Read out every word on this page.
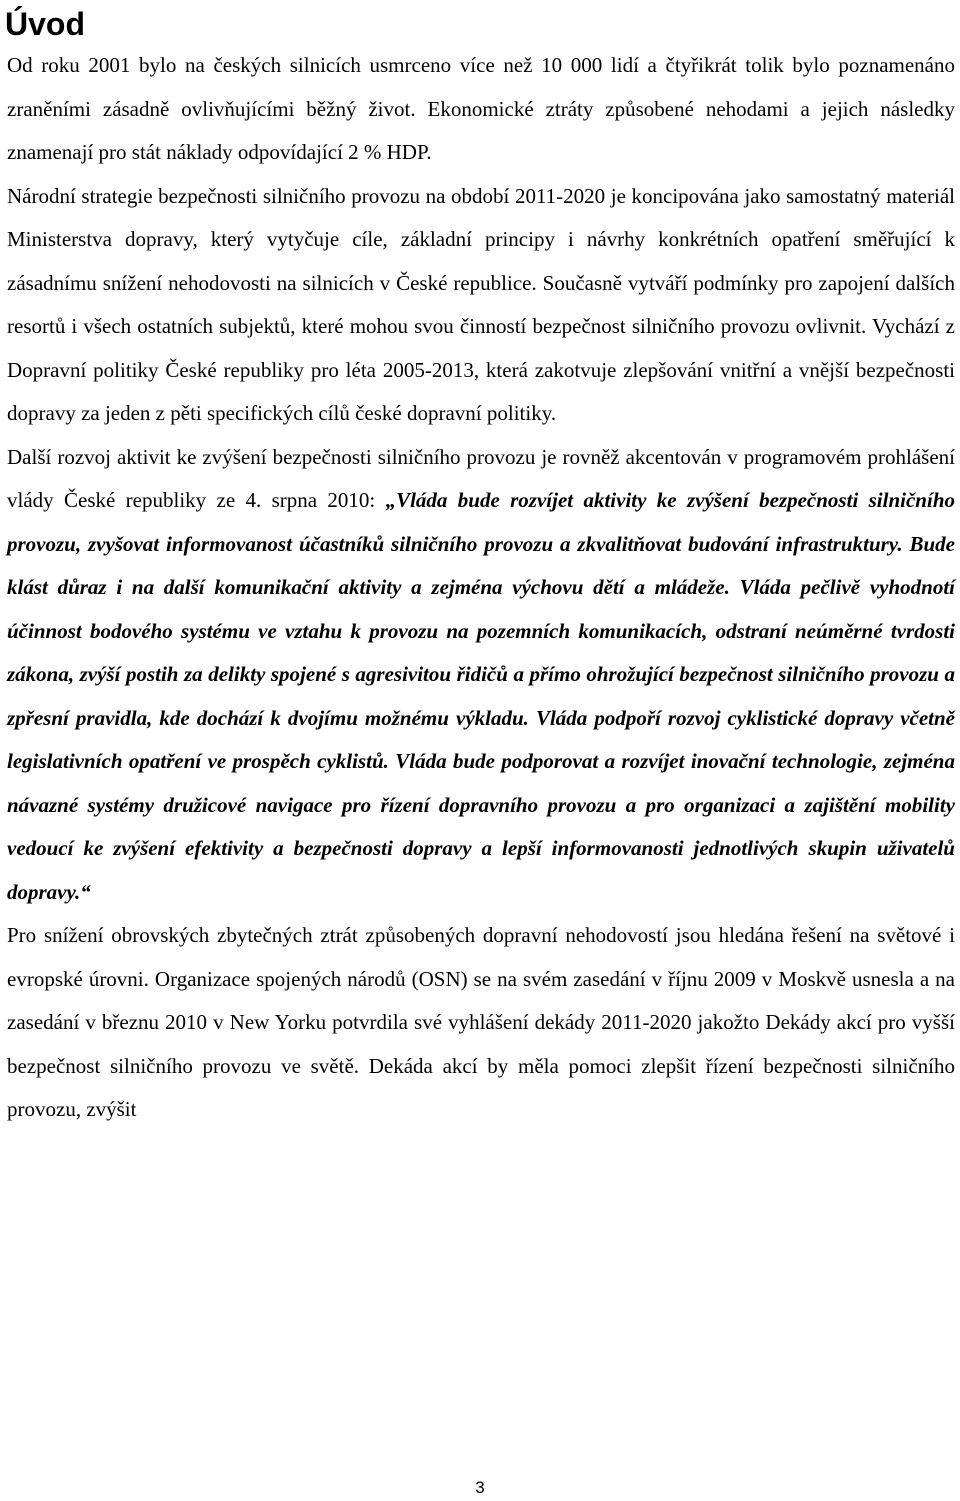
Úvod

Od roku 2001 bylo na českých silnicích usmrceno více než 10 000 lidí a čtyřikrát tolik bylo poznamenáno zraněními zásadně ovlivňujícími běžný život. Ekonomické ztráty způsobené nehodami a jejich následky znamenají pro stát náklady odpovídající 2 % HDP.

Národní strategie bezpečnosti silničního provozu na období 2011-2020 je koncipována jako samostatný materiál Ministerstva dopravy, který vytyčuje cíle, základní principy i návrhy konkrétních opatření směřující k zásadnímu snížení nehodovosti na silnicích v České republice. Současně vytváří podmínky pro zapojení dalších resortů i všech ostatních subjektů, které mohou svou činností bezpečnost silničního provozu ovlivnit. Vychází z Dopravní politiky České republiky pro léta 2005-2013, která zakotvuje zlepšování vnitřní a vnější bezpečnosti dopravy za jeden z pěti specifických cílů české dopravní politiky.

Další rozvoj aktivit ke zvýšení bezpečnosti silničního provozu je rovněž akcentován v programovém prohlášení vlády České republiky ze 4. srpna 2010: „Vláda bude rozvíjet aktivity ke zvýšení bezpečnosti silničního provozu, zvyšovat informovanost účastníků silničního provozu a zkvalitňovat budování infrastruktury. Bude klást důraz i na další komunikační aktivity a zejména výchovu dětí a mládeže. Vláda pečlivě vyhodnotí účinnost bodového systému ve vztahu k provozu na pozemních komunikacích, odstraní neúměrné tvrdosti zákona, zvýší postih za delikty spojené s agresivitou řidičů a přímo ohrožující bezpečnost silničního provozu a zpřesní pravidla, kde dochází k dvojímu možnému výkladu. Vláda podpoří rozvoj cyklistické dopravy včetně legislativních opatření ve prospěch cyklistů. Vláda bude podporovat a rozvíjet inovační technologie, zejména návazné systémy družicové navigace pro řízení dopravního provozu a pro organizaci a zajištění mobility vedoucí ke zvýšení efektivity a bezpečnosti dopravy a lepší informovanosti jednotlivých skupin uživatelů dopravy.“

Pro snížení obrovských zbytečných ztrát způsobených dopravní nehodovostí jsou hledána řešení na světové i evropské úrovni. Organizace spojených národů (OSN) se na svém zasedání v říjnu 2009 v Moskvě usnesla a na zasedání v březnu 2010 v New Yorku potvrdila své vyhlášení dekády 2011-2020 jakožto Dekády akcí pro vyšší bezpečnost silničního provozu ve světě. Dekáda akcí by měla pomoci zlepšit řízení bezpečnosti silničního provozu, zvýšit

3
